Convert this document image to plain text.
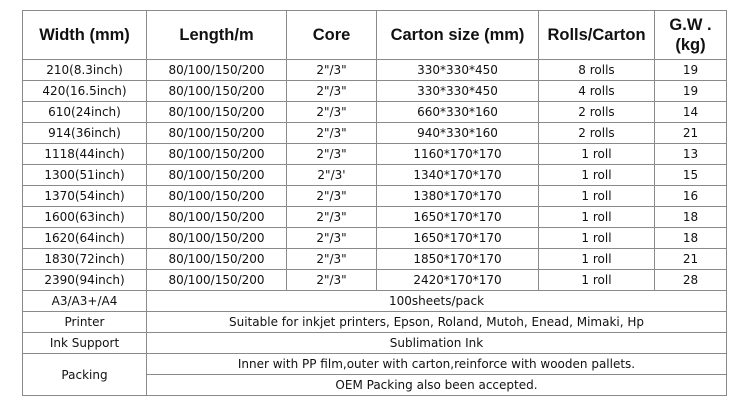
Width (mm)	Length/m	Core	Carton size (mm)	Rolls/Carton	G.W . (kg)
210(8.3inch)	80/100/150/200	2"/3"	330*330*450	8 rolls	19
420(16.5inch)	80/100/150/200	2"/3"	330*330*450	4 rolls	19
610(24inch)	80/100/150/200	2"/3"	660*330*160	2 rolls	14
914(36inch)	80/100/150/200	2"/3"	940*330*160	2 rolls	21
1118(44inch)	80/100/150/200	2"/3"	1160*170*170	1 roll	13
1300(51inch)	80/100/150/200	2"/3'	1340*170*170	1 roll	15
1370(54inch)	80/100/150/200	2"/3"	1380*170*170	1 roll	16
1600(63inch)	80/100/150/200	2"/3"	1650*170*170	1 roll	18
1620(64inch)	80/100/150/200	2"/3"	1650*170*170	1 roll	18
1830(72inch)	80/100/150/200	2"/3"	1850*170*170	1 roll	21
2390(94inch)	80/100/150/200	2"/3"	2420*170*170	1 roll	28
A3/A3+/A4	100sheets/pack				
Printer	Suitable for inkjet printers, Epson, Roland, Mutoh, Enead, Mimaki, Hp				
Ink Support	Sublimation Ink				
Packing	Inner with PP film,outer with carton,reinforce with wooden pallets.				
	OEM Packing also been accepted.				
